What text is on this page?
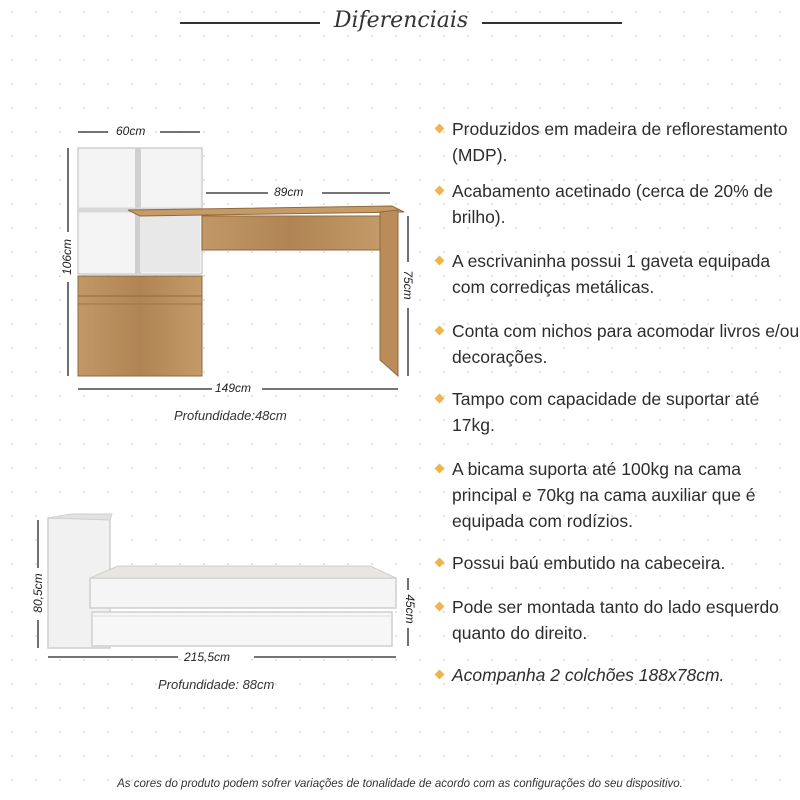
Diferenciais
60cm
89cm
106cm
75cm
149cm
Profundidade:48cm
80,5cm	45cm
215,5cm
Profundidade: 88cm
Produzidos em madeira de reflorestamento (MDP).
Acabamento acetinado (cerca de 20% de brilho).
A escrivaninha possui 1 gaveta equipada com corrediças metálicas.
Conta com nichos para acomodar livros e/ou decorações.
Tampo com capacidade de suportar até 17kg.
A bicama suporta até 100kg na cama principal e 70kg na cama auxiliar que é equipada com rodízios.
Possui baú embutido na cabeceira.
Pode ser montada tanto do lado esquerdo quanto do direito.
Acompanha 2 colchões 188x78cm.
As cores do produto podem sofrer variações de tonalidade de acordo com as configurações do seu dispositivo.
